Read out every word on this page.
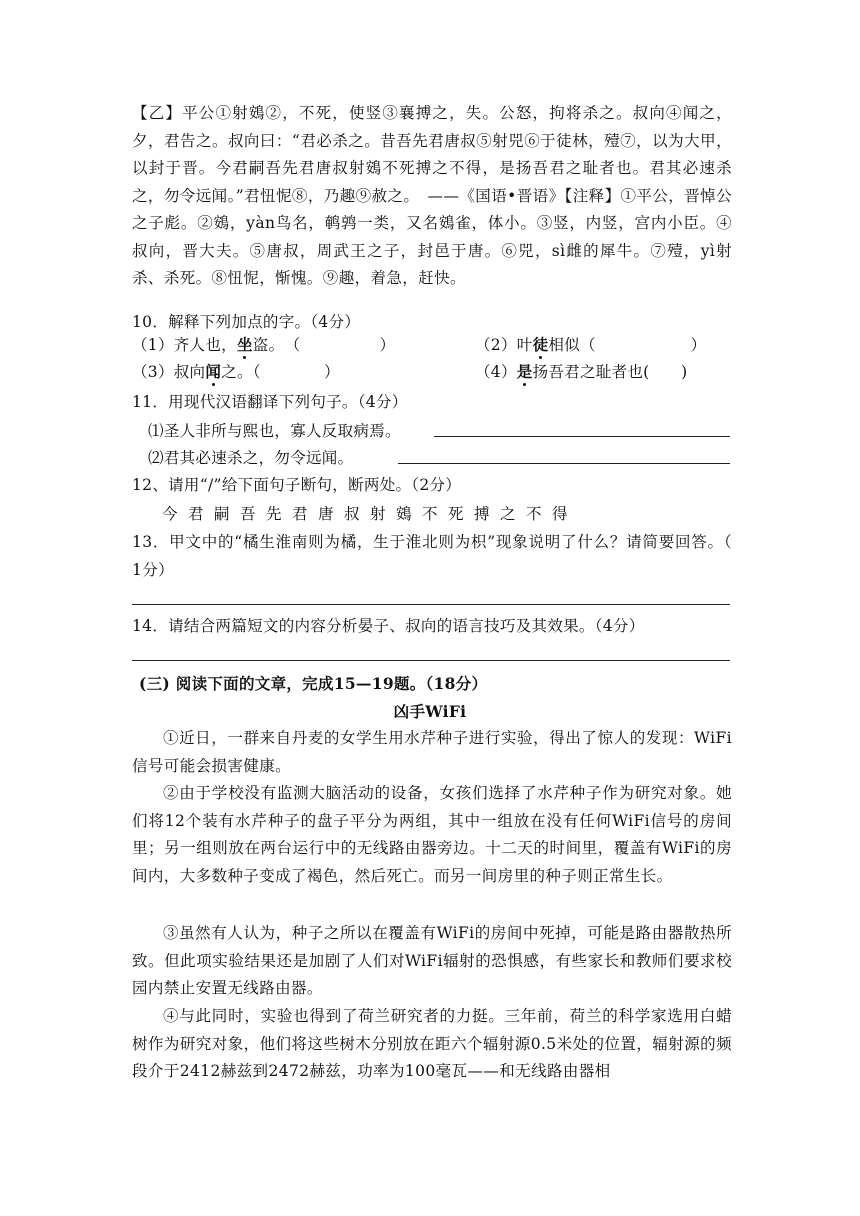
【乙】平公①射鴳②，不死，使竖③襄搏之，失。公怒，拘将杀之。叔向④闻之，夕，君告之。叔向曰：“君必杀之。昔吾先君唐叔⑤射兕⑥于徒林，殪⑦，以为大甲，以封于晋。今君嗣吾先君唐叔射鴳不死搏之不得，是扬吾君之耻者也。君其必速杀之，勿令远闻。”君忸怩⑧，乃趣⑨赦之。　——《国语•晋语》【注释】①平公，晋悼公之子彪。②鴳，yàn鸟名，鹌鹑一类，又名鴳雀，体小。③竖，内竖，宫内小臣。④叔向，晋大夫。⑤唐叔，周武王之子，封邑于唐。⑥兕，sì雌的犀牛。⑦殪，yì射杀、杀死。⑧忸怩，惭愧。⑨趣，着急，赶快。
10．解释下列加点的字。（4分）
（1）齐人也，坐盗。　（　　　　　）	（2）叶徒相似（　　　　　　）
（3）叔向闻之。（　　　　）	（4）是扬吾君之耻者也(　　)
11．用现代汉语翻译下列句子。（4分）
⑴圣人非所与熙也，寡人反取病焉。
⑵君其必速杀之，勿令远闻。
12、请用“/”给下面句子断句，断两处。（2分）
今君嗣吾先君唐叔射鴳不死搏之不得
13．甲文中的“橘生淮南则为橘，生于淮北则为枳”现象说明了什么？请简要回答。（ 1分）
14．请结合两篇短文的内容分析晏子、叔向的语言技巧及其效果。（4分）
(三) 阅读下面的文章，完成15—19题。（18分）
凶手WiFi
①近日，一群来自丹麦的女学生用水芹种子进行实验，得出了惊人的发现：WiFi信号可能会损害健康。
②由于学校没有监测大脑活动的设备，女孩们选择了水芹种子作为研究对象。她们将12个装有水芹种子的盘子平分为两组，其中一组放在没有任何WiFi信号的房间里；另一组则放在两台运行中的无线路由器旁边。十二天的时间里，覆盖有WiFi的房间内，大多数种子变成了褐色，然后死亡。而另一间房里的种子则正常生长。
③虽然有人认为，种子之所以在覆盖有WiFi的房间中死掉，可能是路由器散热所致。但此项实验结果还是加剧了人们对WiFi辐射的恐惧感，有些家长和教师们要求校园内禁止安置无线路由器。
④与此同时，实验也得到了荷兰研究者的力挺。三年前，荷兰的科学家选用白蜡树作为研究对象，他们将这些树木分别放在距六个辐射源0.5米处的位置，辐射源的频段介于2412赫兹到2472赫兹，功率为100毫瓦——和无线路由器相
